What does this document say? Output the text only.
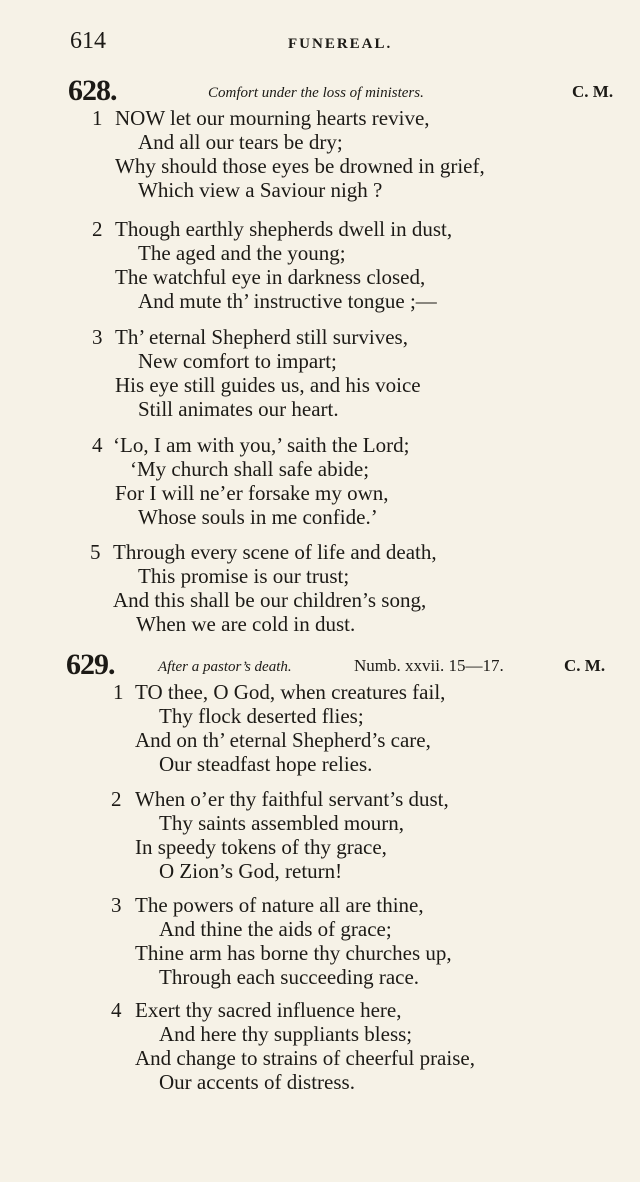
614	FUNEREAL.
628.	Comfort under the loss of ministers.	C. M.
1 NOW let our mourning hearts revive,
And all our tears be dry;
Why should those eyes be drowned in grief,
Which view a Saviour nigh ?
2 Though earthly shepherds dwell in dust,
The aged and the young;
The watchful eye in darkness closed,
And mute th’ instructive tongue ;—
3 Th’ eternal Shepherd still survives,
New comfort to impart;
His eye still guides us, and his voice
Still animates our heart.
4 ‘Lo, I am with you,’ saith the Lord;
‘My church shall safe abide;
For I will ne’er forsake my own,
Whose souls in me confide.’
5 Through every scene of life and death,
This promise is our trust;
And this shall be our children’s song,
When we are cold in dust.
629.	After a pastor’s death.	Numb. xxvii. 15—17.	C. M.
1 TO thee, O God, when creatures fail,
Thy flock deserted flies;
And on th’ eternal Shepherd’s care,
Our steadfast hope relies.
2 When o’er thy faithful servant’s dust,
Thy saints assembled mourn,
In speedy tokens of thy grace,
O Zion’s God, return!
3 The powers of nature all are thine,
And thine the aids of grace;
Thine arm has borne thy churches up,
Through each succeeding race.
4 Exert thy sacred influence here,
And here thy suppliants bless;
And change to strains of cheerful praise,
Our accents of distress.
